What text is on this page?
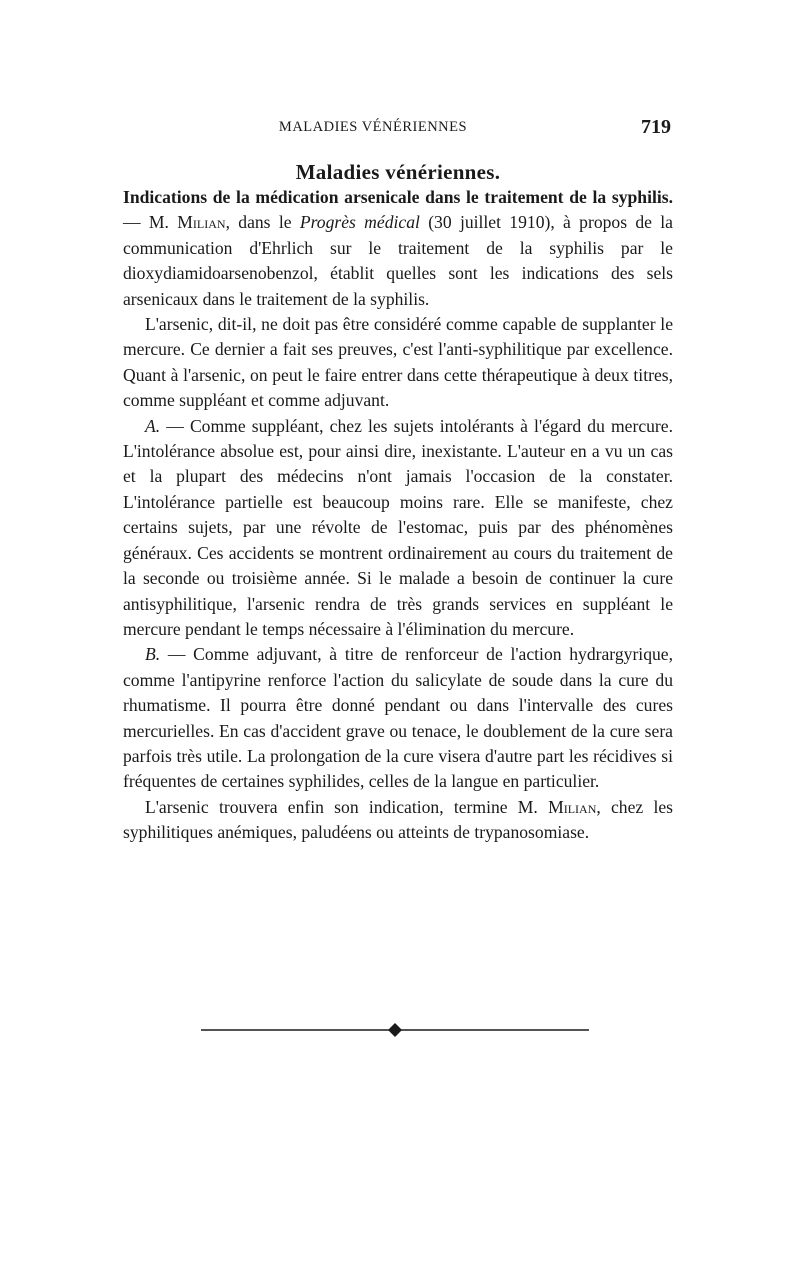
MALADIES VÉNÉRIENNES	719
Maladies vénériennes.

Indications de la médication arsenicale dans le traitement de la syphilis. — M. Milian, dans le Progrès médical (30 juillet 1910), à propos de la communication d'Ehrlich sur le traitement de la syphilis par le dioxydiamidoarsenobenzol, établit quelles sont les indications des sels arsenicaux dans le traitement de la syphilis.

L'arsenic, dit-il, ne doit pas être considéré comme capable de supplanter le mercure. Ce dernier a fait ses preuves, c'est l'anti-syphilitique par excellence. Quant à l'arsenic, on peut le faire entrer dans cette thérapeutique à deux titres, comme suppléant et comme adjuvant.

A. — Comme suppléant, chez les sujets intolérants à l'égard du mercure. L'intolérance absolue est, pour ainsi dire, inexistante. L'auteur en a vu un cas et la plupart des médecins n'ont jamais l'occasion de la constater. L'intolérance partielle est beaucoup moins rare. Elle se manifeste, chez certains sujets, par une révolte de l'estomac, puis par des phénomènes généraux. Ces accidents se montrent ordinairement au cours du traitement de la seconde ou troisième année. Si le malade a besoin de continuer la cure antisyphilitique, l'arsenic rendra de très grands services en suppléant le mercure pendant le temps nécessaire à l'élimination du mercure.

B. — Comme adjuvant, à titre de renforceur de l'action hydrargyrique, comme l'antipyrine renforce l'action du salicylate de soude dans la cure du rhumatisme. Il pourra être donné pendant ou dans l'intervalle des cures mercurielles. En cas d'accident grave ou tenace, le doublement de la cure sera parfois très utile. La prolongation de la cure visera d'autre part les récidives si fréquentes de certaines syphilides, celles de la langue en particulier.

L'arsenic trouvera enfin son indication, termine M. Milian, chez les syphilitiques anémiques, paludéens ou atteints de trypanosomiase.
